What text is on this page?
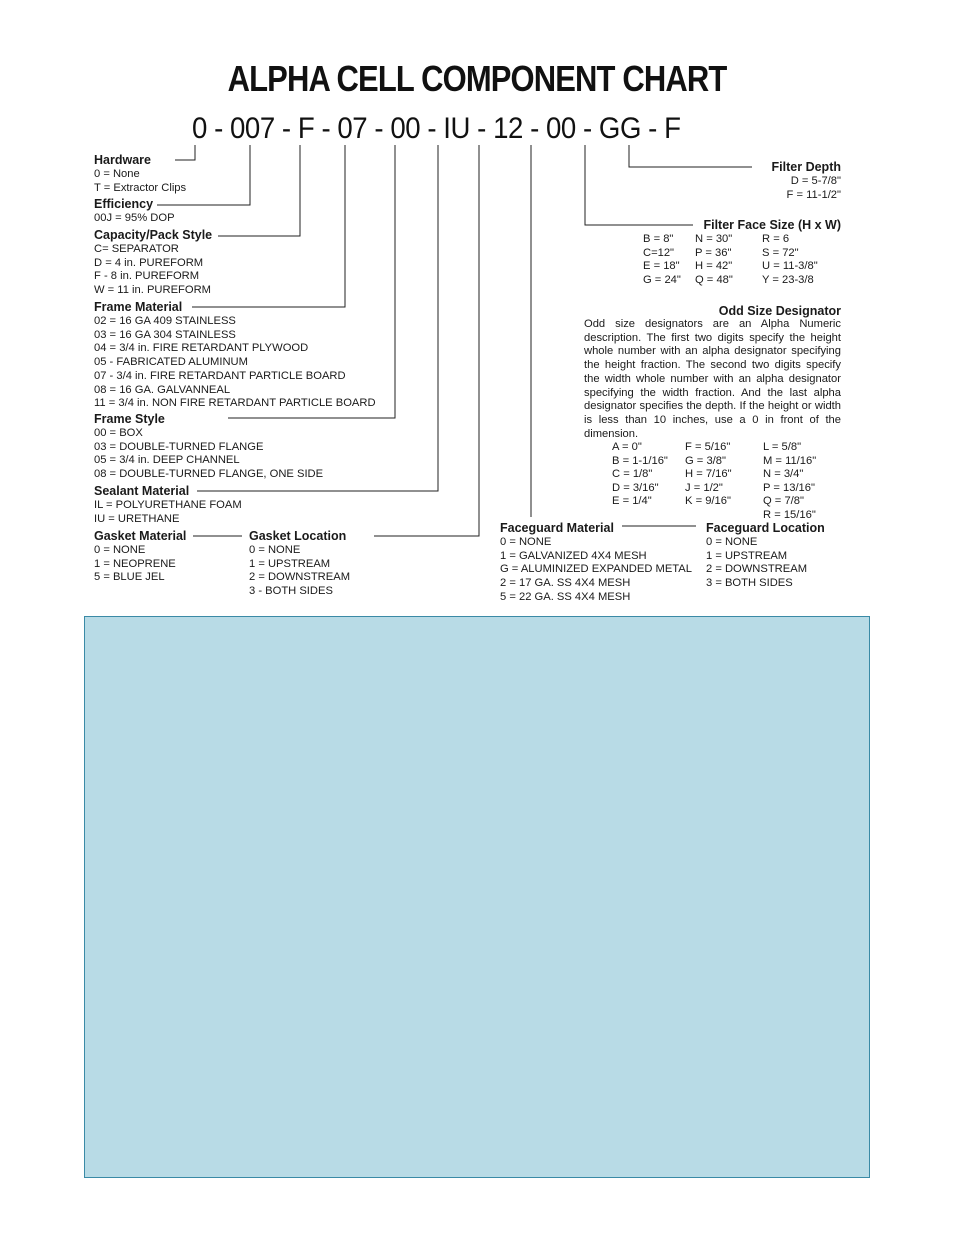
ALPHA CELL COMPONENT CHART
0 - 007 - F - 07 - 00 - IU - 12 - 00 - GG - F
Hardware
0 = None
T = Extractor Clips
Efficiency
00J = 95% DOP
Capacity/Pack Style
C= SEPARATOR
D = 4 in. PUREFORM
F - 8 in. PUREFORM
W = 11 in. PUREFORM
Frame Material
02 = 16 GA 409 STAINLESS
03 = 16 GA 304 STAINLESS
04 = 3/4 in. FIRE RETARDANT PLYWOOD
05 - FABRICATED ALUMINUM
07 - 3/4 in. FIRE RETARDANT PARTICLE BOARD
08 = 16 GA. GALVANNEAL
11 = 3/4 in. NON FIRE RETARDANT PARTICLE BOARD
Frame Style
00 = BOX
03 = DOUBLE-TURNED FLANGE
05 = 3/4 in. DEEP CHANNEL
08 = DOUBLE-TURNED FLANGE, ONE SIDE
Sealant Material
IL = POLYURETHANE FOAM
IU = URETHANE
Gasket Material
0 = NONE
1 = NEOPRENE
5 = BLUE JEL
Gasket Location
0 = NONE
1 = UPSTREAM
2 = DOWNSTREAM
3 - BOTH SIDES
Filter Depth
D = 5-7/8"
F = 11-1/2"
Filter Face Size (H x W)
B = 8"	N = 30"	R = 6
C=12"	P = 36"	S = 72"
E = 18"	H = 42"	U = 11-3/8"
G = 24"	Q = 48"	Y = 23-3/8
Odd Size Designator
Odd size designators are an Alpha Numeric description. The first two digits specify the height whole number with an alpha designator specifying the height fraction. The second two digits specify the width whole number with an alpha designator specifying the width fraction. And the last alpha designator specifies the depth. If the height or width is less than 10 inches, use a 0 in front of the dimension.
A = 0"	F = 5/16"	L = 5/8"
B = 1-1/16"	G = 3/8"	M = 11/16"
C = 1/8"	H = 7/16"	N = 3/4"
D = 3/16"	J = 1/2"	P = 13/16"
E = 1/4"	K = 9/16"	Q = 7/8"
R = 15/16"
Faceguard Material
0 = NONE
1 = GALVANIZED 4X4 MESH
G = ALUMINIZED EXPANDED METAL
2 = 17 GA. SS 4X4 MESH
5 = 22 GA. SS 4X4 MESH
Faceguard Location
0 = NONE
1 = UPSTREAM
2 = DOWNSTREAM
3 = BOTH SIDES
